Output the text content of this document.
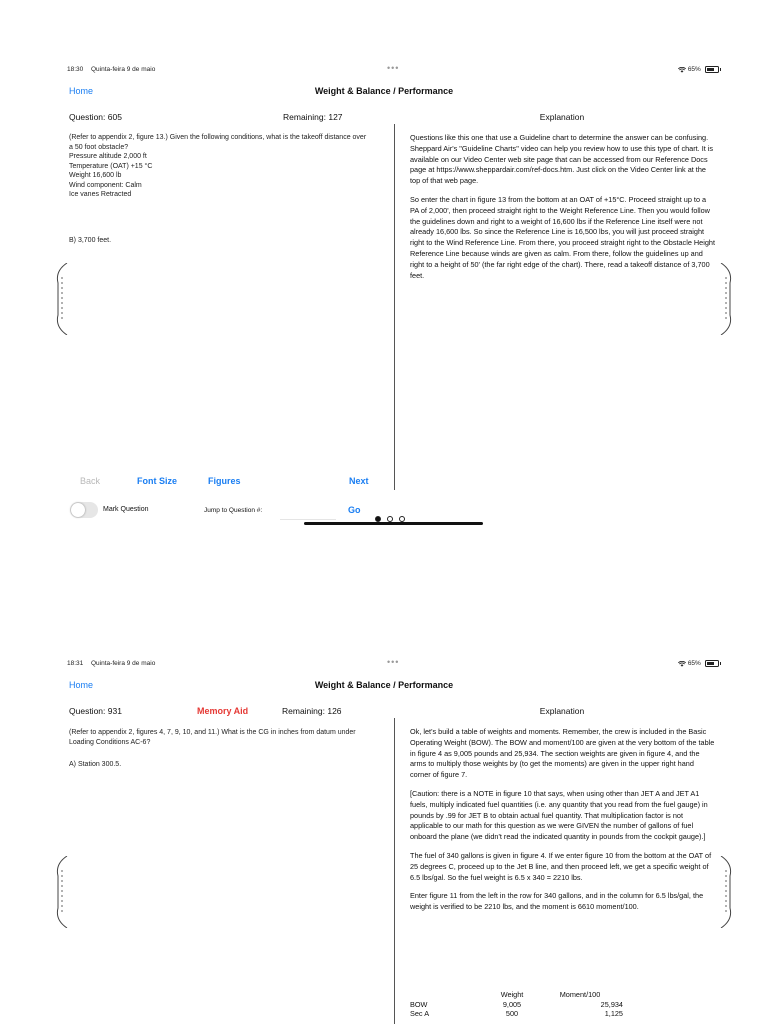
18:30 Quinta-feira 9 de maio	•••	65%
Home	Weight & Balance / Performance
Question: 605	Remaining: 127
(Refer to appendix 2, figure 13.) Given the following conditions, what is the takeoff distance over a 50 foot obstacle?
Pressure altitude 2,000 ft
Temperature (OAT) +15 °C
Weight 16,600 lb
Wind component: Calm
Ice vanes Retracted
B) 3,700 feet.
Explanation

Questions like this one that use a Guideline chart to determine the answer can be confusing. Sheppard Air's "Guideline Charts" video can help you review how to use this type of chart. It is available on our Video Center web site page that can be accessed from our Reference Docs page at https://www.sheppardair.com/ref-docs.htm. Just click on the Video Center link at the top of that web page.

So enter the chart in figure 13 from the bottom at an OAT of +15°C. Proceed straight up to a PA of 2,000', then proceed straight right to the Weight Reference Line. Then you would follow the guidelines down and right to a weight of 16,600 lbs if the Reference Line itself were not already 16,600 lbs. So since the Reference Line is 16,500 lbs, you will just proceed straight right to the Wind Reference Line. From there, you proceed straight right to the Obstacle Height Reference Line because winds are given as calm. From there, follow the guidelines up and right to a height of 50' (the far right edge of the chart). There, read a takeoff distance of 3,700 feet.

Back	Font Size	Figures	Next
Mark Question	Jump to Question #:	Go
18:31 Quinta-feira 9 de maio	•••	65%
Home	Weight & Balance / Performance
Question: 931	Memory Aid	Remaining: 126
(Refer to appendix 2, figures 4, 7, 9, 10, and 11.) What is the CG in inches from datum under Loading Conditions AC-6?
A) Station 300.5.
Explanation

Ok, let's build a table of weights and moments. Remember, the crew is included in the Basic Operating Weight (BOW). The BOW and moment/100 are given at the very bottom of the table in figure 4 as 9,005 pounds and 25,934. The section weights are given in figure 4, and the arms to multiply those weights by (to get the moments) are given in the upper right hand corner of figure 7.

[Caution: there is a NOTE in figure 10 that says, when using other than JET A and JET A1 fuels, multiply indicated fuel quantities (i.e. any quantity that you read from the fuel gauge) in pounds by .99 for JET B to obtain actual fuel quantity. That multiplication factor is not applicable to our math for this question as we were GIVEN the number of gallons of fuel onboard the plane (we didn't read the indicated quantity in pounds from the cockpit gauge).]

The fuel of 340 gallons is given in figure 4. If we enter figure 10 from the bottom at the OAT of 25 degrees C, proceed up to the Jet B line, and then proceed left, we get a specific weight of 6.5 lbs/gal. So the fuel weight is 6.5 x 340 = 2210 lbs.

Enter figure 11 from the left in the row for 340 gallons, and in the column for 6.5 lbs/gal, the weight is verified to be 2210 lbs, and the moment is 6610 moment/100.

	Weight	Moment/100
BOW	9,005	25,934
Sec A	500	1,125
